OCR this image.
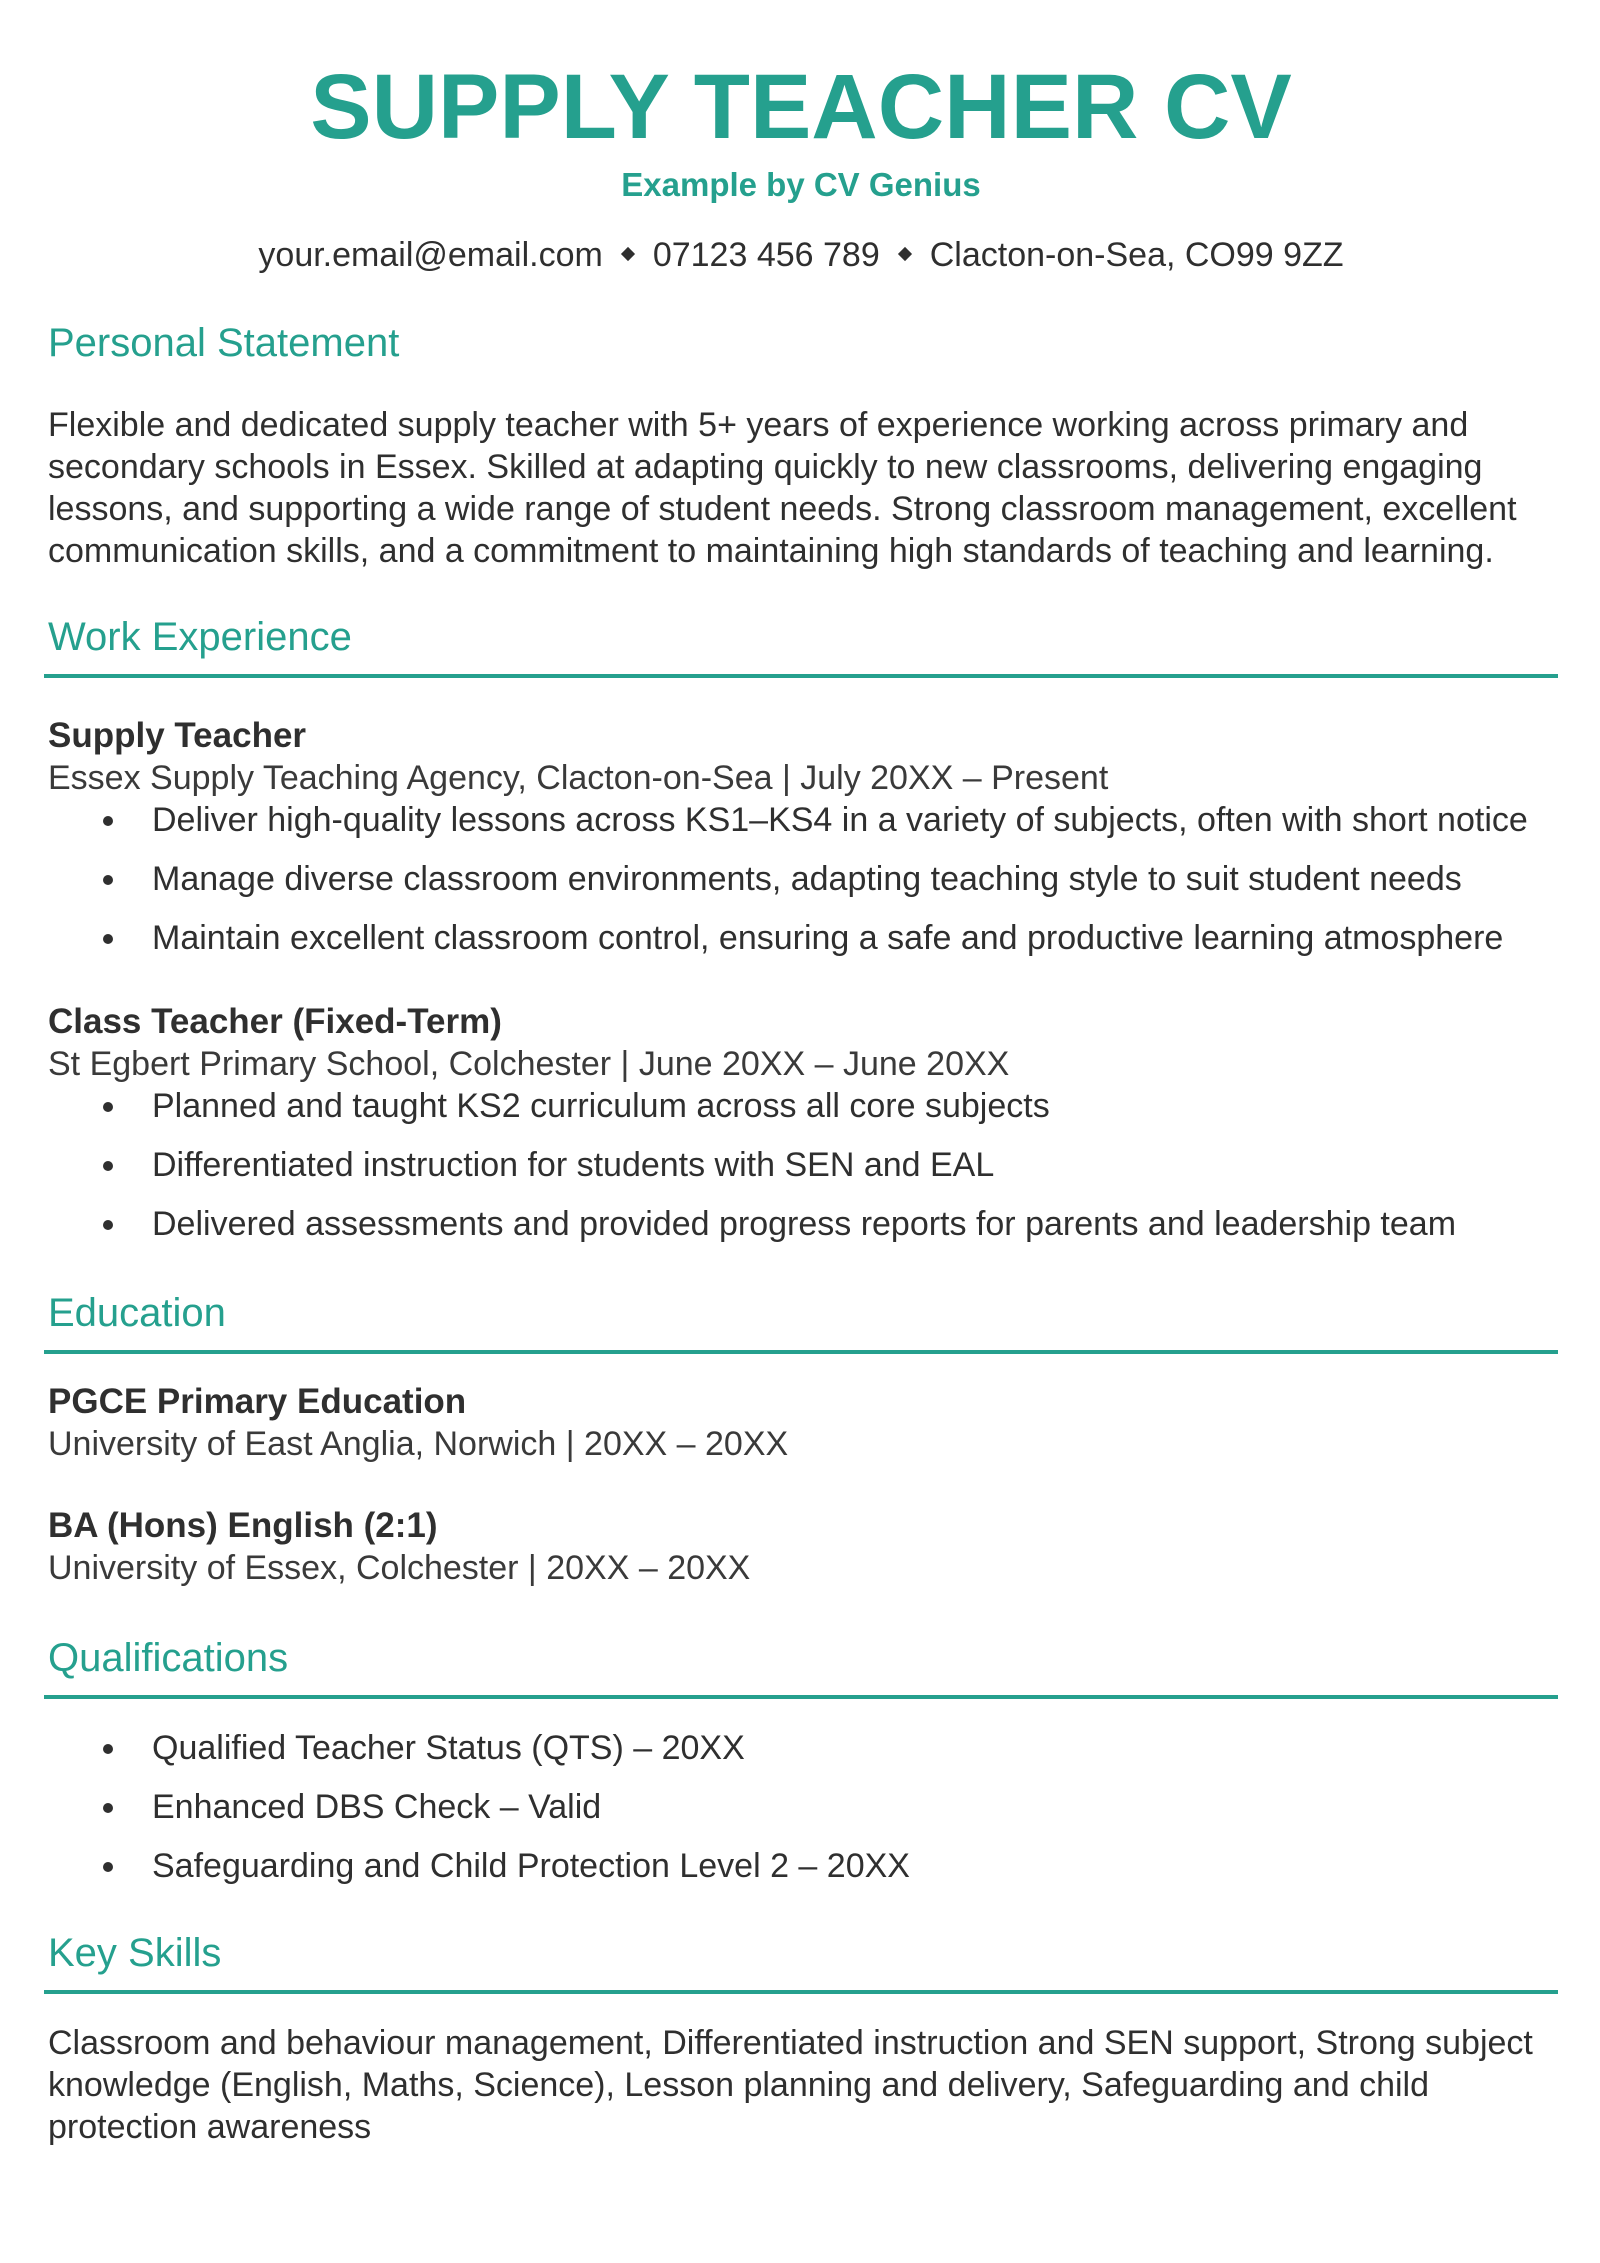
SUPPLY TEACHER CV
Example by CV Genius
your.email@email.com 07123 456 789 Clacton-on-Sea, CO99 9ZZ
Personal Statement

Flexible and dedicated supply teacher with 5+ years of experience working across primary and

secondary schools in Essex. Skilled at adapting quickly to new classrooms, delivering engaging

lessons, and supporting a wide range of student needs. Strong classroom management, excellent

communication skills, and a commitment to maintaining high standards of teaching and learning.

Work Experience

Supply Teacher

Essex Supply Teaching Agency, Clacton-on-Sea | July 20XX – Present

Deliver high-quality lessons across KS1–KS4 in a variety of subjects, often with short notice
Manage diverse classroom environments, adapting teaching style to suit student needs
Maintain excellent classroom control, ensuring a safe and productive learning atmosphere

Class Teacher (Fixed-Term)

St Egbert Primary School, Colchester | June 20XX – June 20XX

Planned and taught KS2 curriculum across all core subjects
Differentiated instruction for students with SEN and EAL
Delivered assessments and provided progress reports for parents and leadership team
Education

PGCE Primary Education

University of East Anglia, Norwich | 20XX – 20XX

BA (Hons) English (2:1)

University of Essex, Colchester | 20XX – 20XX

Qualifications
Qualified Teacher Status (QTS) – 20XX
Enhanced DBS Check – Valid
Safeguarding and Child Protection Level 2 – 20XX
Key Skills

Classroom and behaviour management, Differentiated instruction and SEN support, Strong subject

knowledge (English, Maths, Science), Lesson planning and delivery, Safeguarding and child

protection awareness
